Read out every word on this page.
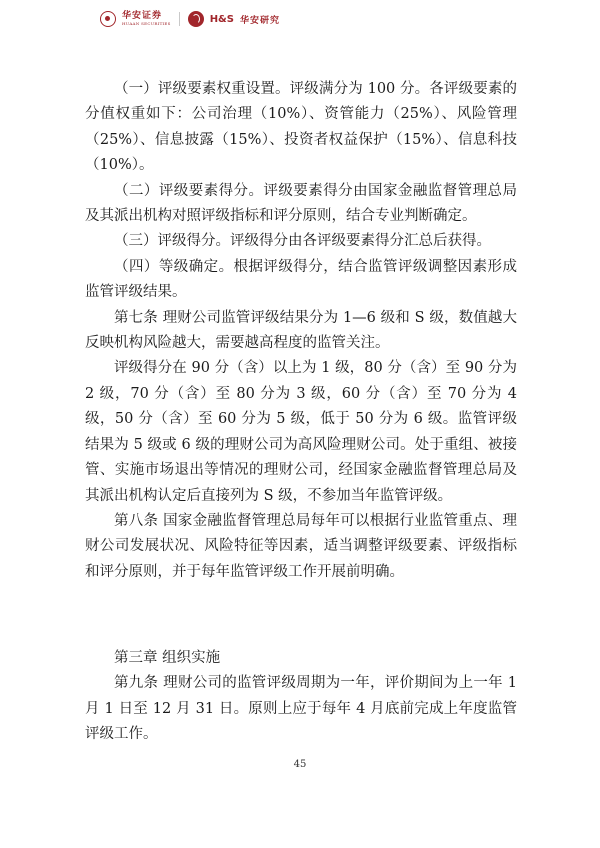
华安证券
HUAAN SECURITIES	H&S 华安研究

（一）评级要素权重设置。评级满分为 100 分。各评级要素的分值权重如下：公司治理（10%）、资管能力（25%）、风险管理（25%）、信息披露（15%）、投资者权益保护（15%）、信息科技（10%）。

（二）评级要素得分。评级要素得分由国家金融监督管理总局及其派出机构对照评级指标和评分原则，结合专业判断确定。

（三）评级得分。评级得分由各评级要素得分汇总后获得。

（四）等级确定。根据评级得分，结合监管评级调整因素形成监管评级结果。

第七条 理财公司监管评级结果分为 1—6 级和 S 级，数值越大反映机构风险越大，需要越高程度的监管关注。

评级得分在 90 分（含）以上为 1 级，80 分（含）至 90 分为 2 级，70 分（含）至 80 分为 3 级，60 分（含）至 70 分为 4 级，50 分（含）至 60 分为 5 级，低于 50 分为 6 级。监管评级结果为 5 级或 6 级的理财公司为高风险理财公司。处于重组、被接管、实施市场退出等情况的理财公司，经国家金融监督管理总局及其派出机构认定后直接列为 S 级，不参加当年监管评级。

第八条 国家金融监督管理总局每年可以根据行业监管重点、理财公司发展状况、风险特征等因素，适当调整评级要素、评级指标和评分原则，并于每年监管评级工作开展前明确。

第三章 组织实施

第九条 理财公司的监管评级周期为一年，评价期间为上一年 1 月 1 日至 12 月 31 日。原则上应于每年 4 月底前完成上年度监管评级工作。

45
